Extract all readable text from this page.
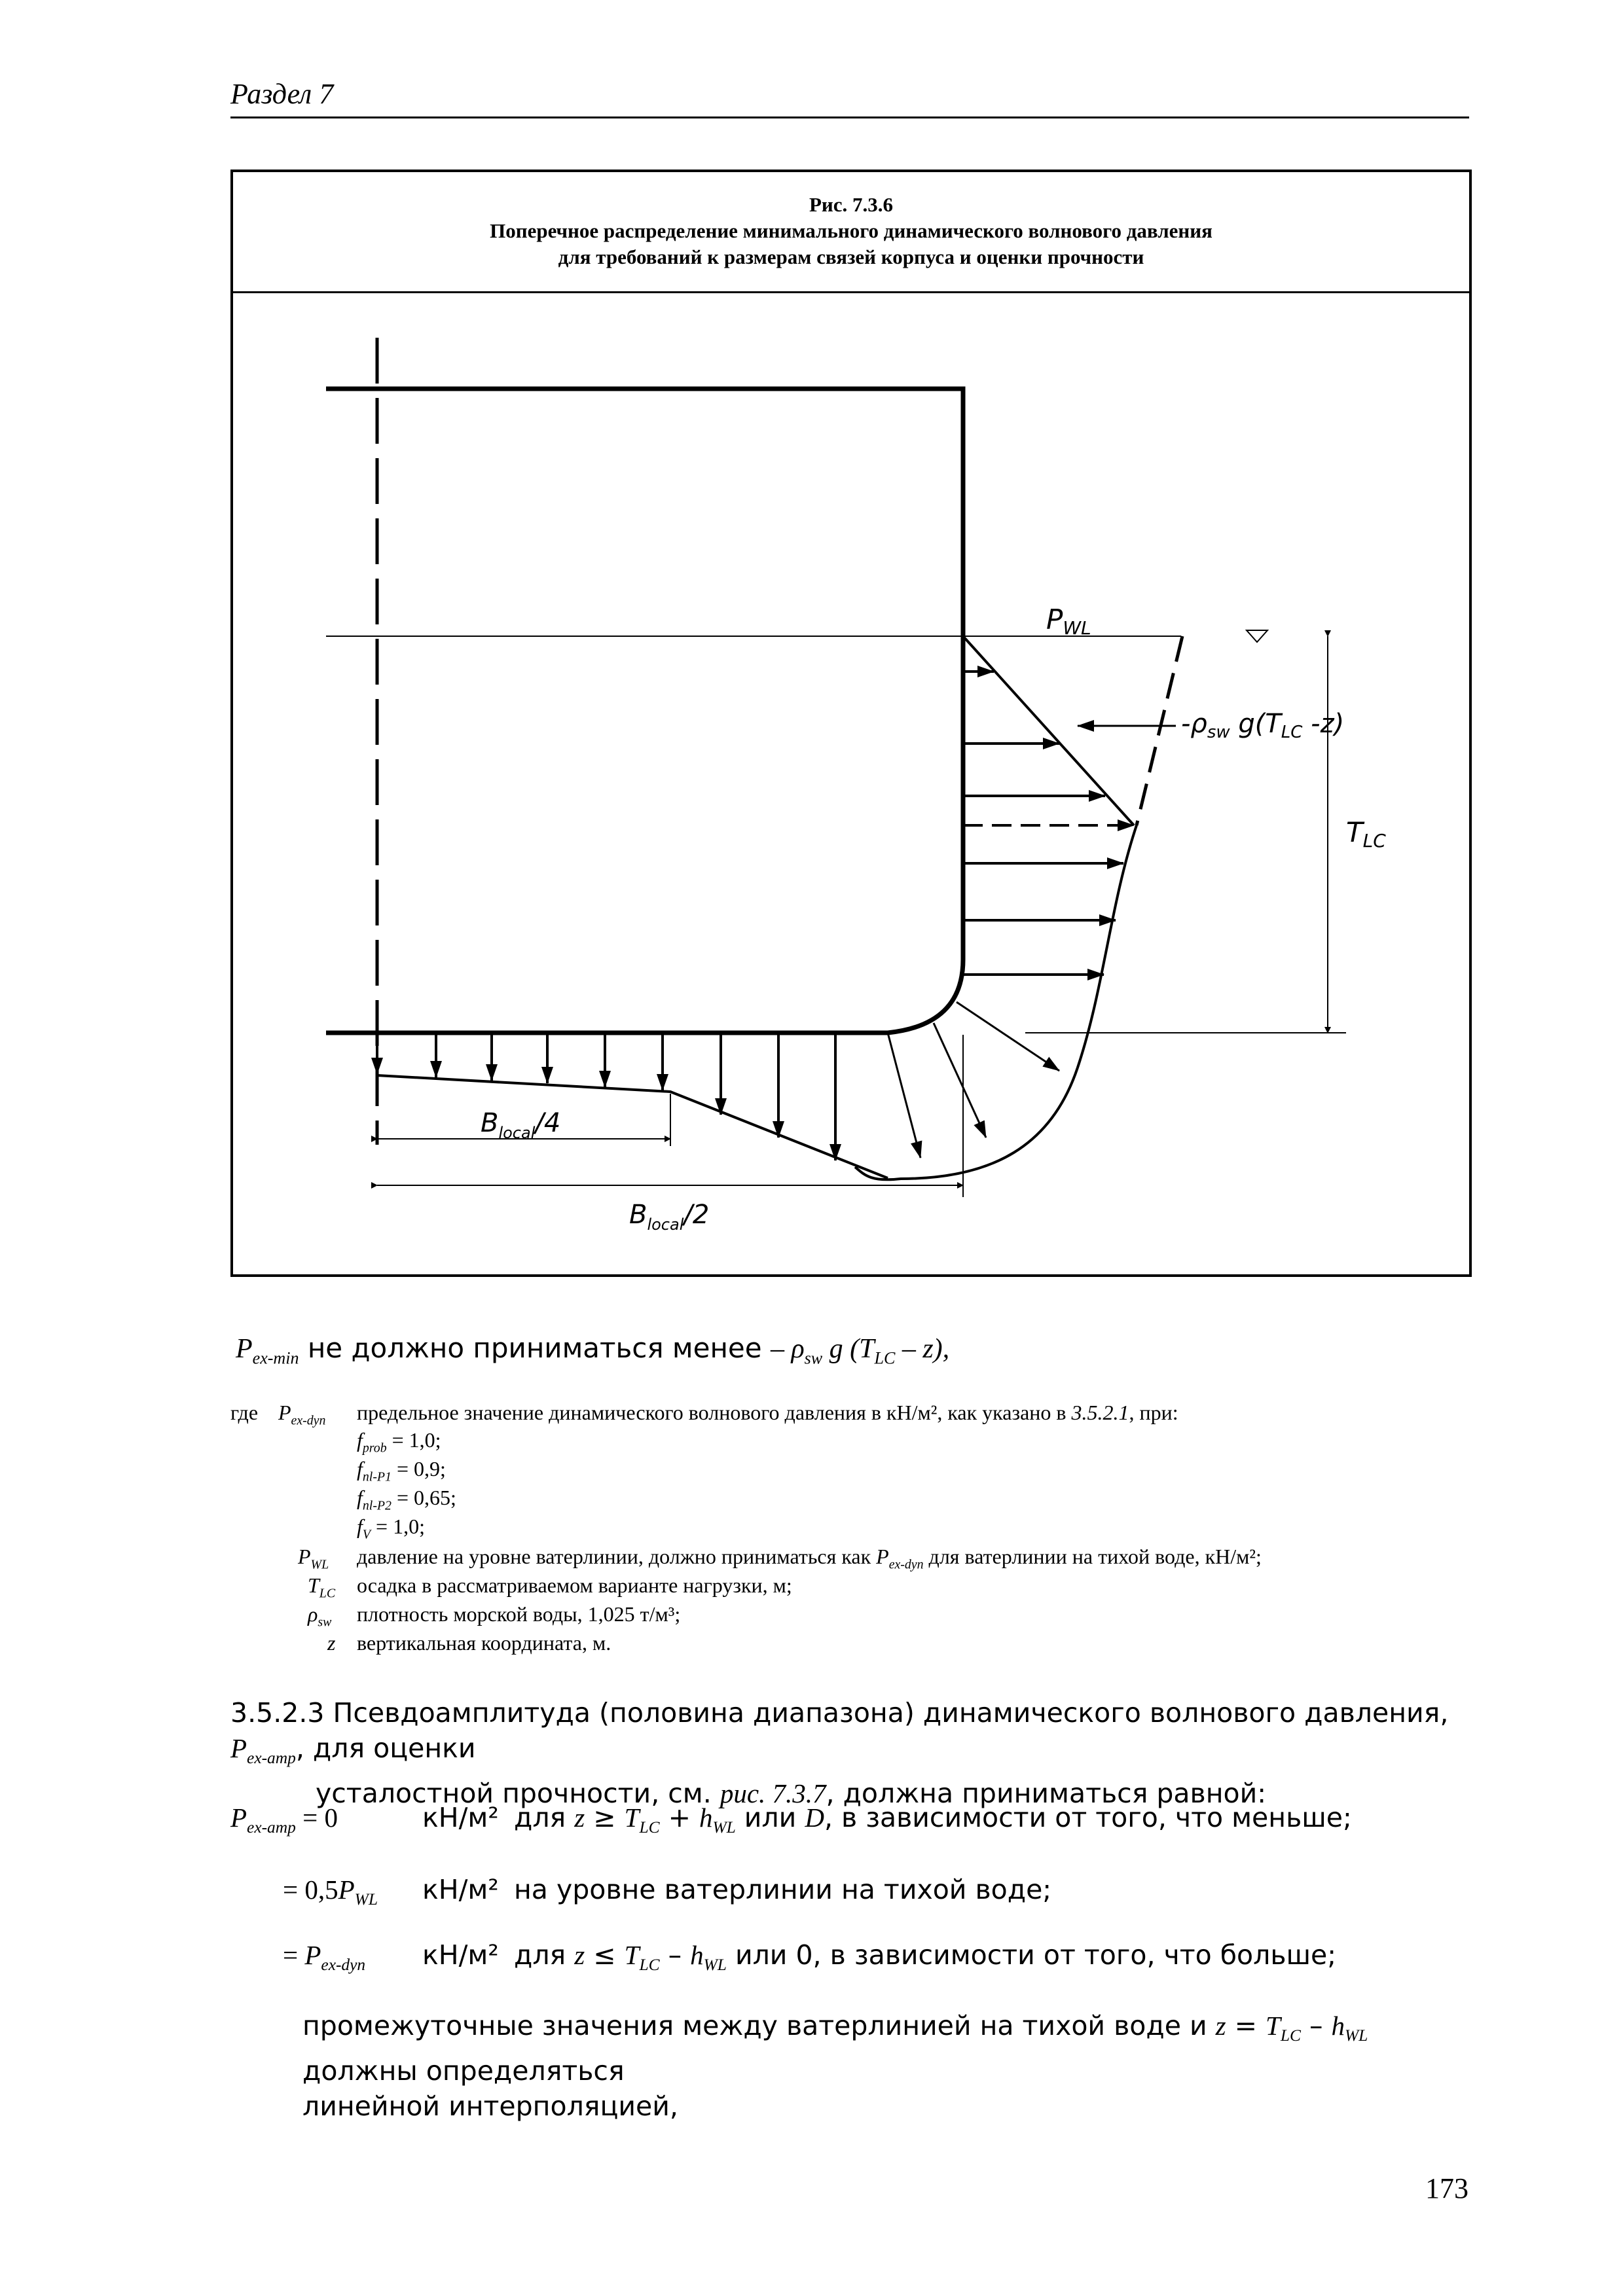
Раздел 7
Рис. 7.3.6
Поперечное распределение минимального динамического волнового давления
для требований к размерам связей корпуса и оценки прочности
PWL
$-\rho_{sw}$ $g(T_{LC}$ -z)
TLC
$B_{local}/4$
$B_{local}/2$
$P_{ex-min}$ не должно приниматься менее – $\rho_{sw}$ g $(T_{LC} - z)$,
где $P_{ex-dyn}$ предельное значение динамического волнового давления в кН/м², как указано в 3.5.2.1, при:
$f_{prob} = 1,0$;
$f_{nl-P1} = 0,9$;
$f_{nl-P2} = 0,65$;
$f_V = 1,0$;
$P_{WL}$ давление на уровне ватерлинии, должно приниматься как $P_{ex-dyn}$ для ватерлинии на тихой воде, кН/м²;
$T_{LC}$ осадка в рассматриваемом варианте нагрузки, м;
$\rho_{sw}$ плотность морской воды, 1,025 т/м³;
z вертикальная координата, м.
3.5.2.3 Псевдоамплитуда (половина диапазона) динамического волнового давления, $P_{ex-amp}$, для оценки
усталостной прочности, см. рис. 7.3.7, должна приниматься равной:
$P_{ex-amp} = 0$	кН/м² для $z \ge T_{LC} + h_{WL}$ или D, в зависимости от того, что меньше;
= $0,5P_{WL}$ кН/м² на уровне ватерлинии на тихой воде;
= $P_{ex-dyn}$ кН/м² для $z \le T_{LC} - h_{WL}$ или 0, в зависимости от того, что больше;
промежуточные значения между ватерлинией на тихой воде и $z = T_{LC} - h_{WL}$ должны определяться
линейной интерполяцией,
173
